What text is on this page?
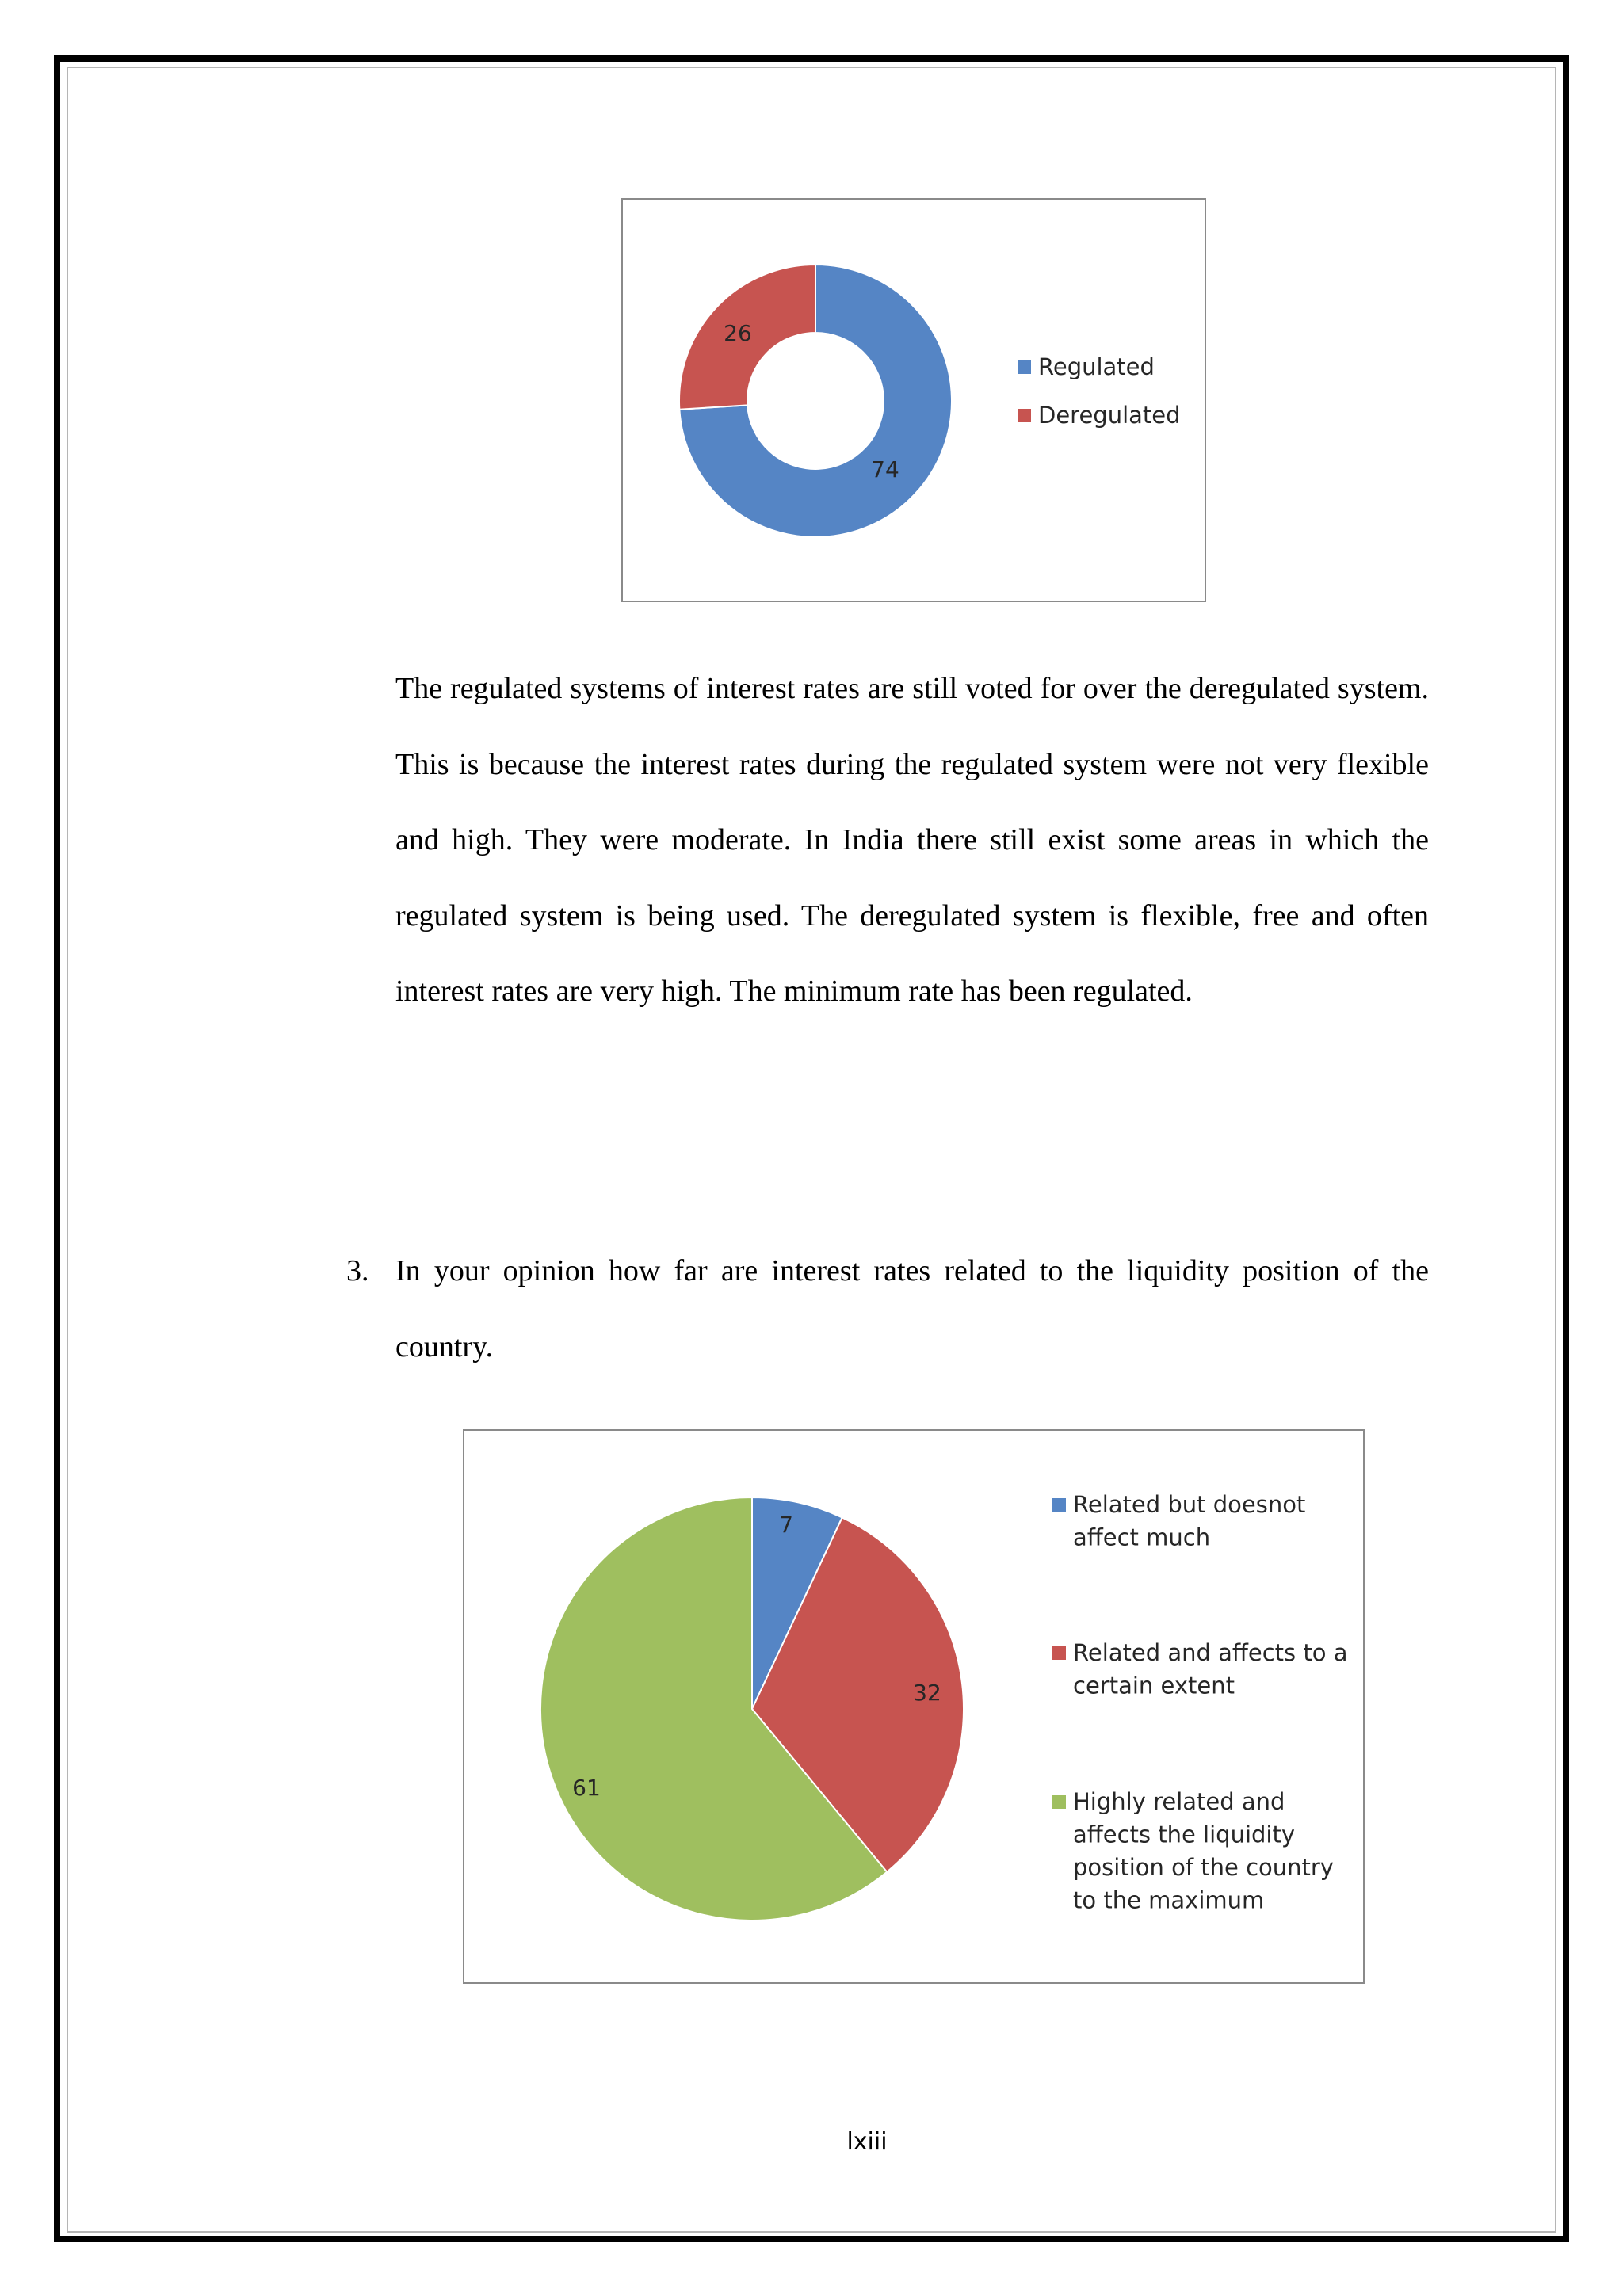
74
26
Regulated
Deregulated
The regulated systems of interest rates are still voted for over the deregulated system. This is because the interest rates during the regulated system were not very flexible and high. They were moderate. In India there still exist some areas in which the regulated system is being used. The deregulated system is flexible, free and often interest rates are very high. The minimum rate has been regulated.
3. In your opinion how far are interest rates related to the liquidity position of the country.
7
32
61
Related but doesnot
affect much
Related and affects to a
certain extent
Highly related and
affects the liquidity
position of the country
to the maximum
lxiii
